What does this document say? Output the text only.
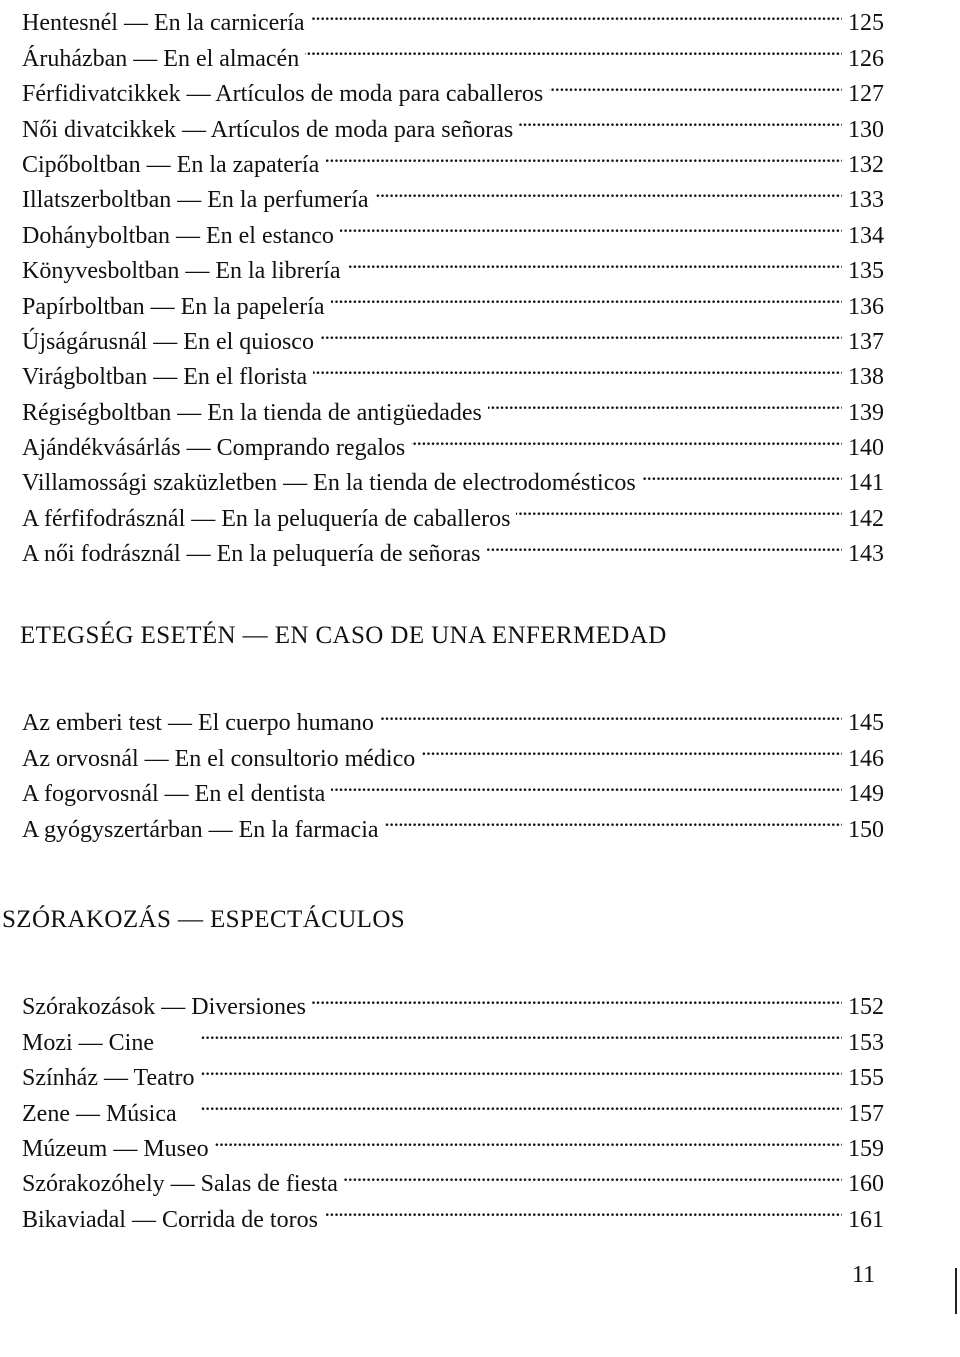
Hentesnél — En la carnicería . . .	125
Áruházban — En el almacén . . .	126
Férfidivatcikkek — Artículos de moda para caballeros . . .	127
Női divatcikkek — Artículos de moda para señoras . . .	130
Cipőboltban — En la zapatería . . .	132
Illatszerboltban — En la perfumería . . .	133
Dohányboltban — En el estanco . . .	134
Könyvesboltban — En la librería . . .	135
Papírboltban — En la papelería . . .	136
Újságárusnál — En el quiosco . . .	137
Virágboltban — En el florista . . .	138
Régiségboltban — En la tienda de antigüedades . . .	139
Ajándékvásárlás — Comprando regalos . . .	140
Villamossági szaküzletben — En la tienda de electrodomésticos . . .	141
A férfifodrásznál — En la peluquería de caballeros . . .	142
A női fodrásznál — En la peluquería de señoras . . .	143
ETEGSÉG ESETÉN — EN CASO DE UNA ENFERMEDAD
Az emberi test — El cuerpo humano . . .	145
Az orvosnál — En el consultorio médico . . .	146
A fogorvosnál — En el dentista . . .	149
A gyógyszertárban — En la farmacia . . .	150
SZÓRAKOZÁS — ESPECTÁCULOS
Szórakozások — Diversiones . . .	152
Mozi — Cine . . .	153
Színház — Teatro . . .	155
Zene — Música . . .	157
Múzeum — Museo . . .	159
Szórakozóhely — Salas de fiesta . . .	160
Bikaviadal — Corrida de toros . . .	161
11
